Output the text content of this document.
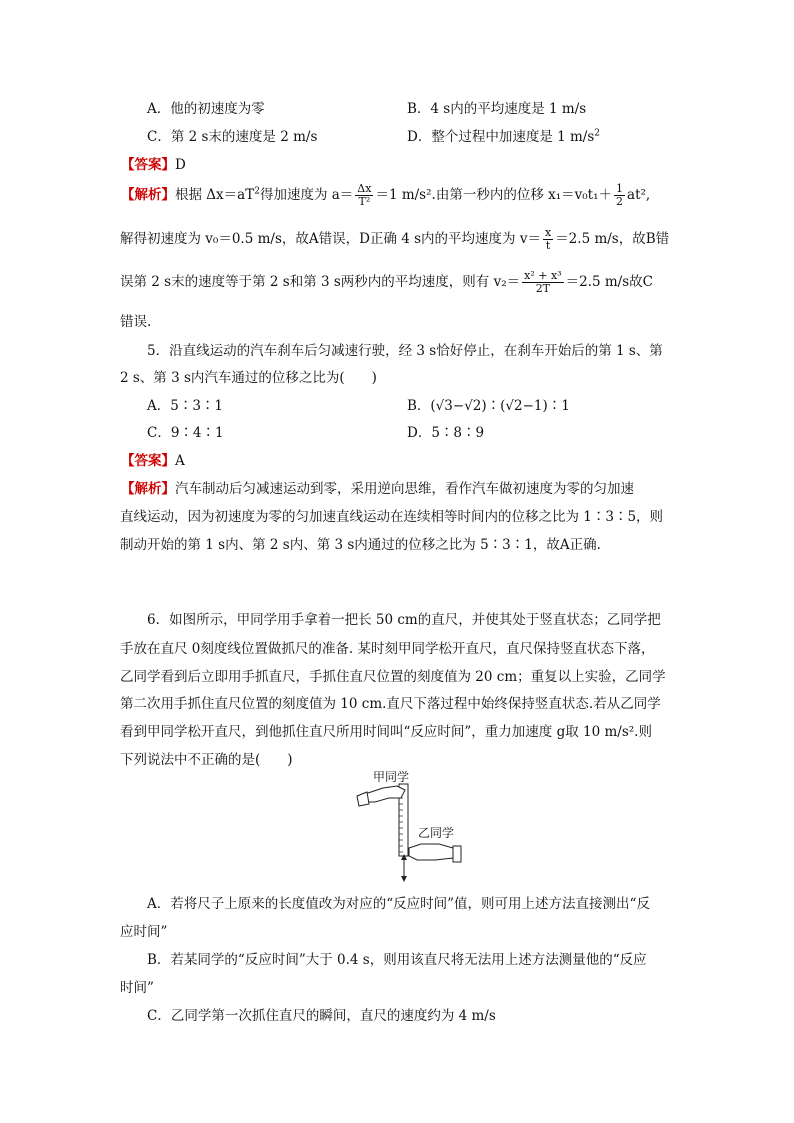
A．他的初速度为零	B．4 s内的平均速度是 1 m/s
C．第 2 s末的速度是 2 m/s	D．整个过程中加速度是 1 $m/s^2$
【答案】D
【解析】根据 $\Delta x=aT^2$得加速度为 $a= \frac{\Delta x}{\text{T²}} =1$ m/s².由第一秒内的位移 $x_1=v_0t_1+ \frac{1}{2} at^2$,
解得初速度为 v₀＝0.5 m/s，故A错误，D正确 4 s内的平均速度为 $v= \frac{x}{t} =2.5$ m/s，故B错
误第 2 s末的速度等于第 2 s和第 3 s两秒内的平均速度，则有 $v_2= \frac{\text{x² + x³}}{2T} =2.5$ m/s故C
错误.
5．沿直线运动的汽车刹车后匀减速行驶，经 3 s恰好停止，在刹车开始后的第 1 s、第
2 s、第 3 s内汽车通过的位移之比为(　　)
A．5∶3∶1	B．(√3−√2)∶(√2−1)∶1
C．9∶4∶1	D．5∶8∶9
【答案】A
【解析】汽车制动后匀减速运动到零，采用逆向思维，看作汽车做初速度为零的匀加速
直线运动，因为初速度为零的匀加速直线运动在连续相等时间内的位移之比为 1∶3∶5，则
制动开始的第 1 s内、第 2 s内、第 3 s内通过的位移之比为 5∶3∶1，故A正确.
6．如图所示，甲同学用手拿着一把长 50 cm的直尺，并使其处于竖直状态；乙同学把
手放在直尺 0刻度线位置做抓尺的准备. 某时刻甲同学松开直尺，直尺保持竖直状态下落，
乙同学看到后立即用手抓直尺，手抓住直尺位置的刻度值为 20 cm；重复以上实验，乙同学
第二次用手抓住直尺位置的刻度值为 10 cm.直尺下落过程中始终保持竖直状态.若从乙同学
看到甲同学松开直尺，到他抓住直尺所用时间叫“反应时间”，重力加速度 g取 10 m/s².则
下列说法中不正确的是(　　)
甲同学
乙同学
A．若将尺子上原来的长度值改为对应的“反应时间”值，则可用上述方法直接测出“反
应时间”
B．若某同学的“反应时间”大于 0.4 s，则用该直尺将无法用上述方法测量他的“反应
时间”
C．乙同学第一次抓住直尺的瞬间，直尺的速度约为 4 m/s
